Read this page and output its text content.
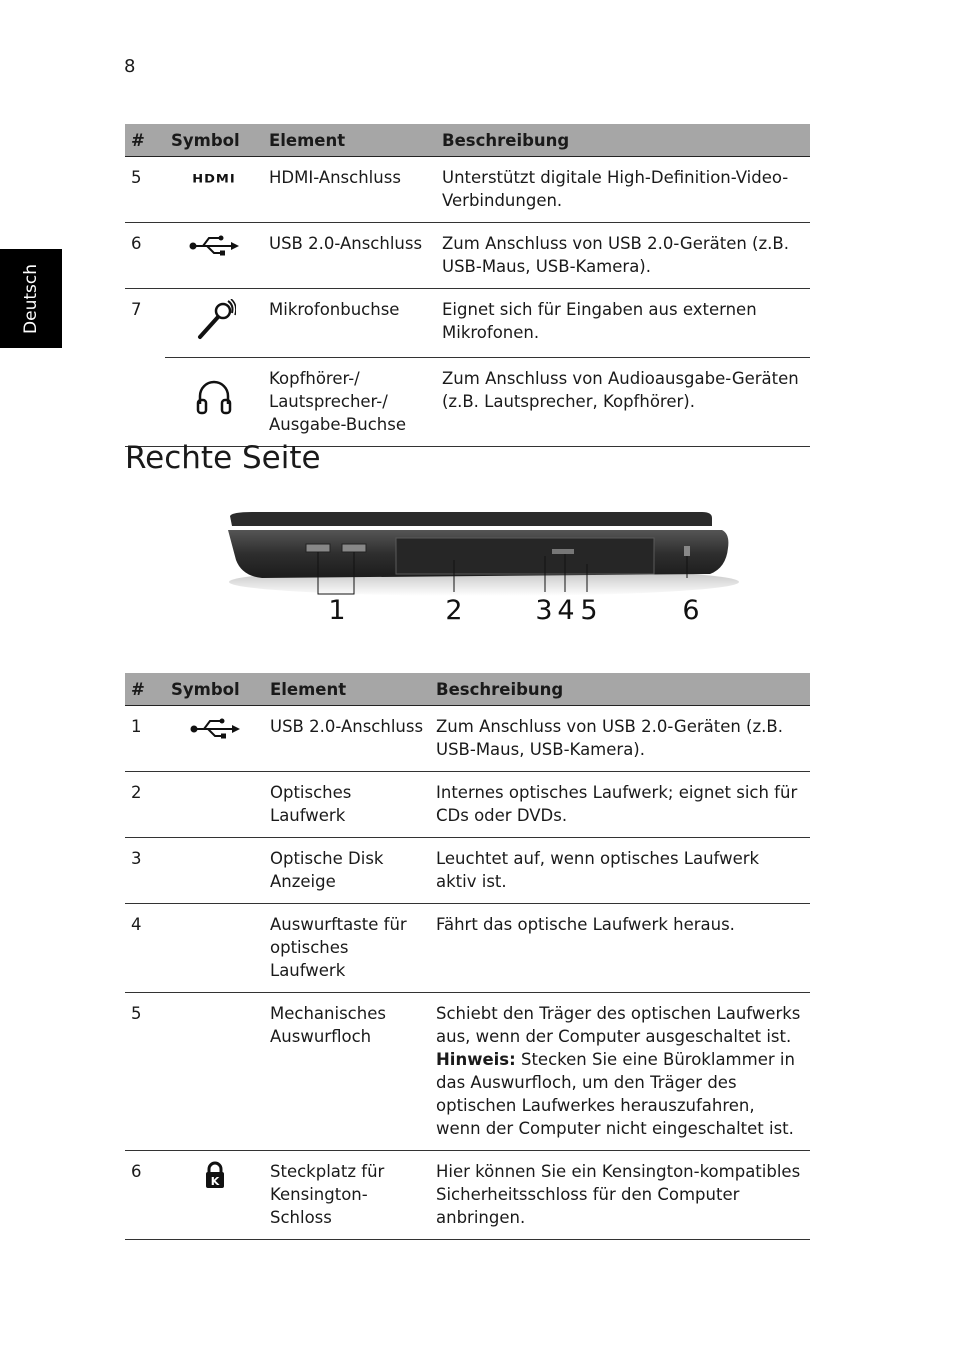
8
Deutsch
#	Symbol	Element	Beschreibung
5	HDMI	HDMI-Anschluss	Unterstützt digitale High-Definition-Video-Verbindungen.
6		USB 2.0-Anschluss	Zum Anschluss von USB 2.0-Geräten (z.B. USB-Maus, USB-Kamera).
7		Mikrofonbuchse	Eignet sich für Eingaben aus externen Mikrofonen.
		Kopfhörer-/ Lautsprecher-/ Ausgabe-Buchse	Zum Anschluss von Audioausgabe-Geräten (z.B. Lautsprecher, Kopfhörer).
Rechte Seite
1	2	3 4 5	6
#	Symbol	Element	Beschreibung
1		USB 2.0-Anschluss	Zum Anschluss von USB 2.0-Geräten (z.B. USB-Maus, USB-Kamera).
2		Optisches Laufwerk	Internes optisches Laufwerk; eignet sich für CDs oder DVDs.
3		Optische Disk Anzeige	Leuchtet auf, wenn optisches Laufwerk aktiv ist.
4		Auswurftaste für optisches Laufwerk	Fährt das optische Laufwerk heraus.
5		Mechanisches Auswurfloch	Schiebt den Träger des optischen Laufwerks aus, wenn der Computer ausgeschaltet ist.
Hinweis: Stecken Sie eine Büroklammer in das Auswurfloch, um den Träger des optischen Laufwerkes herauszufahren, wenn der Computer nicht eingeschaltet ist.
6	K	Steckplatz für Kensington-Schloss	Hier können Sie ein Kensington-kompatibles Sicherheitsschloss für den Computer anbringen.
